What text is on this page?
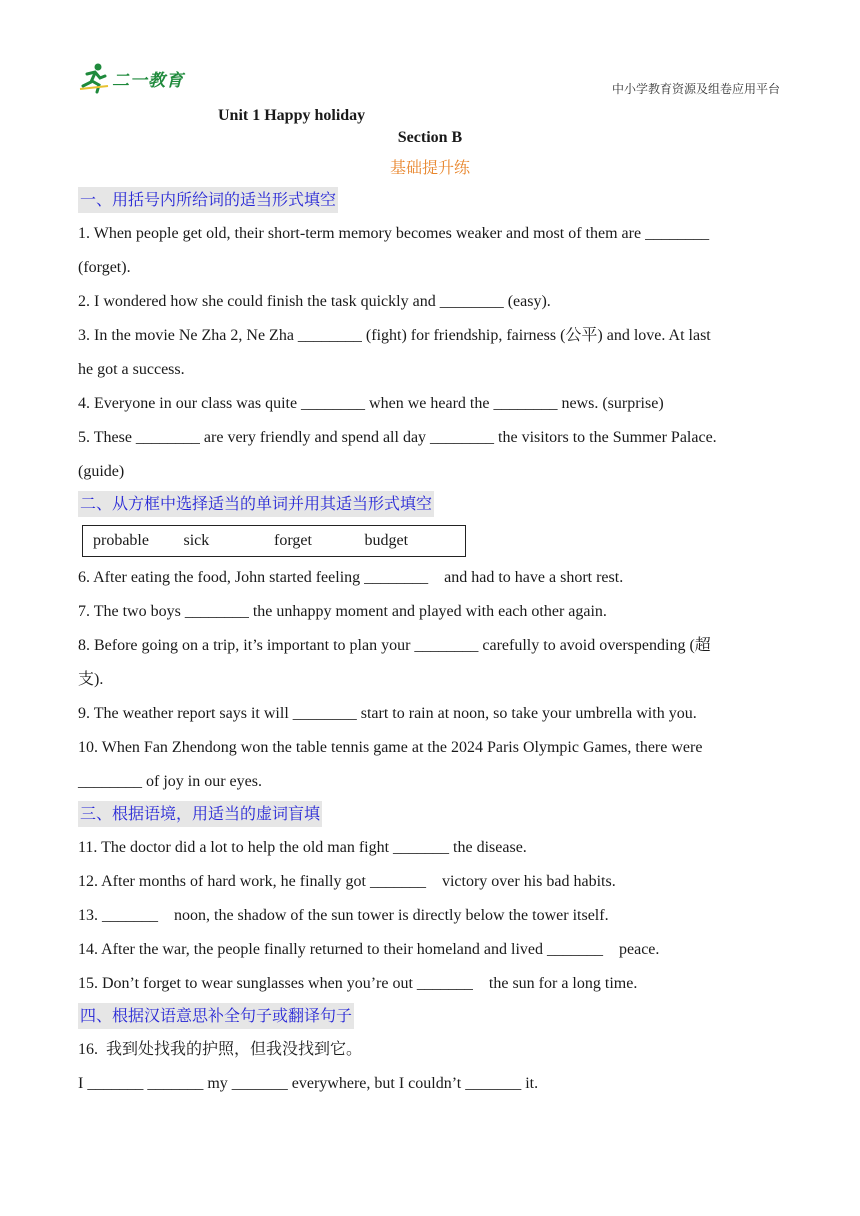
二一教育	中小学教育资源及组卷应用平台
Unit 1 Happy holiday
Section B
基础提升练
一、用括号内所给词的适当形式填空
1. When people get old, their short-term memory becomes weaker and most of them are ________
(forget).
2. I wondered how she could finish the task quickly and ________ (easy).
3. In the movie Ne Zha 2, Ne Zha ________ (fight) for friendship, fairness (公平) and love. At last
he got a success.
4. Everyone in our class was quite ________ when we heard the ________ news. (surprise)
5. These ________ are very friendly and spend all day ________ the visitors to the Summer Palace.
(guide)
二、从方框中选择适当的单词并用其适当形式填空
probable	sick	forget	budget
6. After eating the food, John started feeling ________    and had to have a short rest.
7. The two boys ________ the unhappy moment and played with each other again.
8. Before going on a trip, it’s important to plan your ________ carefully to avoid overspending (超
支).
9. The weather report says it will ________ start to rain at noon, so take your umbrella with you.
10. When Fan Zhendong won the table tennis game at the 2024 Paris Olympic Games, there were
________ of joy in our eyes.
三、根据语境，用适当的虚词盲填
11. The doctor did a lot to help the old man fight _______ the disease.
12. After months of hard work, he finally got _______    victory over his bad habits.
13. _______    noon, the shadow of the sun tower is directly below the tower itself.
14. After the war, the people finally returned to their homeland and lived _______    peace.
15. Don’t forget to wear sunglasses when you’re out _______    the sun for a long time.
四、根据汉语意思补全句子或翻译句子
16.  我到处找我的护照，但我没找到它。
I _______ _______ my _______ everywhere, but I couldn’t _______ it.
